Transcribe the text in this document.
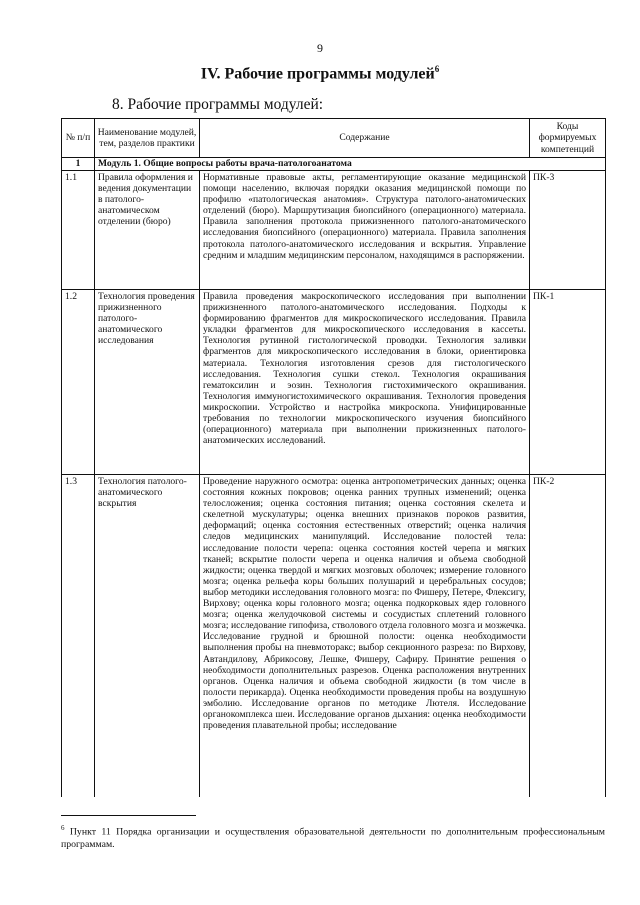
9
IV. Рабочие программы модулей$^6$
8. Рабочие программы модулей:
№ п/п	Наименование модулей, тем, разделов практики	Содержание	Коды формируемых компетенций
1	Модуль 1. Общие вопросы работы врача-патологоанатома		
1.1	Правила оформления и ведения документации в патолого-анатомическом отделении (бюро)	Нормативные правовые акты, регламентирующие оказание медицинской помощи населению, включая порядки оказания медицинской помощи по профилю «патологическая анатомия». Структура патолого-анатомических отделений (бюро). Маршрутизация биопсийного (операционного) материала. Правила заполнения протокола прижизненного патолого-анатомического исследования биопсийного (операционного) материала. Правила заполнения протокола патолого-анатомического исследования и вскрытия. Управление средним и младшим медицинским персоналом, находящимся в распоряжении.	ПК-3
1.2	Технология проведения прижизненного патолого-анатомического исследования	Правила проведения макроскопического исследования при выполнении прижизненного патолого-анатомического исследования. Подходы к формированию фрагментов для микроскопического исследования. Правила укладки фрагментов для микроскопического исследования в кассеты. Технология рутинной гистологической проводки. Технология заливки фрагментов для микроскопического исследования в блоки, ориентировка материала. Технология изготовления срезов для гистологического исследования. Технология сушки стекол. Технология окрашивания гематоксилин и эозин. Технология гистохимического окрашивания. Технология иммуногистохимического окрашивания. Технология проведения микроскопии. Устройство и настройка микроскопа. Унифицированные требования по технологии микроскопического изучения биопсийного (операционного) материала при выполнении прижизненных патолого-анатомических исследований.	ПК-1
1.3	Технология патолого-анатомического вскрытия	Проведение наружного осмотра: оценка антропометрических данных; оценка состояния кожных покровов; оценка ранних трупных изменений; оценка телосложения; оценка состояния питания; оценка состояния скелета и скелетной мускулатуры; оценка внешних признаков пороков развития, деформаций; оценка состояния естественных отверстий; оценка наличия следов медицинских манипуляций. Исследование полостей тела: исследование полости черепа: оценка состояния костей черепа и мягких тканей; вскрытие полости черепа и оценка наличия и объема свободной жидкости; оценка твердой и мягких мозговых оболочек; измерение головного мозга; оценка рельефа коры больших полушарий и церебральных сосудов; выбор методики исследования головного мозга: по Фишеру, Петере, Флексигу, Вирхову; оценка коры головного мозга; оценка подкорковых ядер головного мозга; оценка желудочковой системы и сосудистых сплетений головного мозга; исследование гипофиза, стволового отдела головного мозга и мозжечка. Исследование грудной и брюшной полости: оценка необходимости выполнения пробы на пневмоторакс; выбор секционного разреза: по Вирхову, Автандилову, Абрикосову, Лешке, Фишеру, Сафиру. Принятие решения о необходимости дополнительных разрезов. Оценка расположения внутренних органов. Оценка наличия и объема свободной жидкости (в том числе в полости перикарда). Оценка необходимости проведения пробы на воздушную эмболию. Исследование органов по методике Лютеля. Исследование органокомплекса шеи. Исследование органов дыхания: оценка необходимости проведения плавательной пробы; исследование	ПК-2
$^6$ Пункт 11 Порядка организации и осуществления образовательной деятельности по дополнительным профессиональным программам.
